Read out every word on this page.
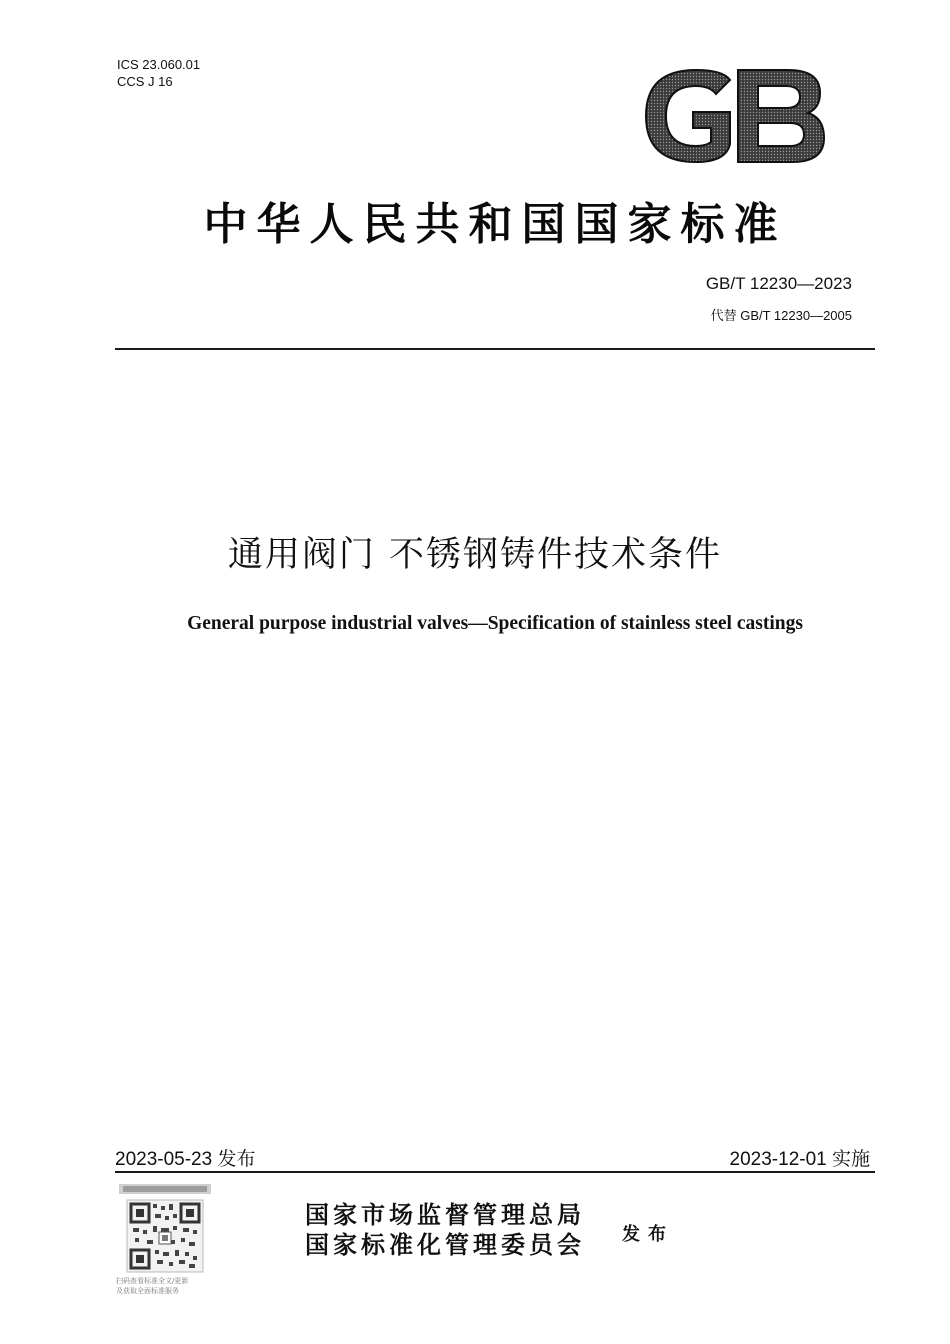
ICS 23.060.01
CCS J 16
GB
中华人民共和国国家标准
GB/T 12230—2023
代替 GB/T 12230—2005
通用阀门 不锈钢铸件技术条件
General purpose industrial valves—Specification of stainless steel castings
2023-05-23 发布	2023-12-01 实施
扫码查看标准全文/更新
及获取全面标准服务
国家市场监督管理总局
国家标准化管理委员会 发布
